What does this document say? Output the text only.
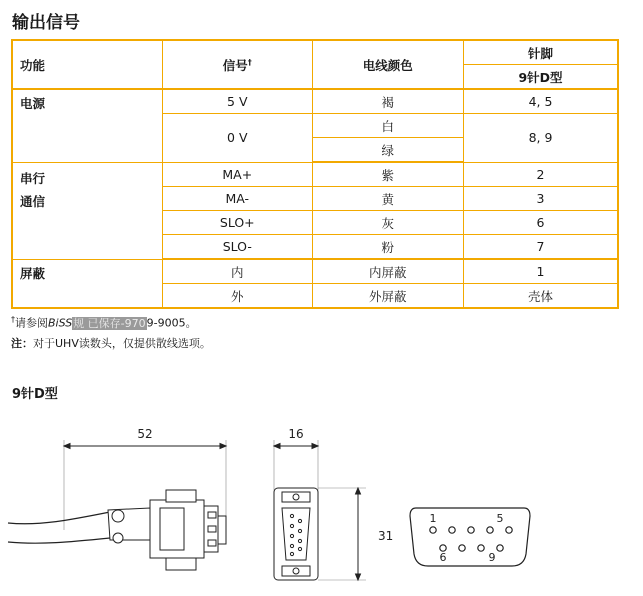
输出信号
功能	信号†	电线颜色	针脚
			9针D型
电源	5 V	褐	4, 5
	0 V	白	8, 9
		绿	

串行
通信	MA+	紫	2
	MA-	黄	3
	SLO+	灰	6
	SLO-	粉	7
屏蔽	内	内屏蔽	1
	外	外屏蔽	壳体
†请参阅BiSS规 已保存-9709-9005。
注：对于UHV读数头，仅提供散线选项。
9针D型
52	16
31
1	5
6	9
